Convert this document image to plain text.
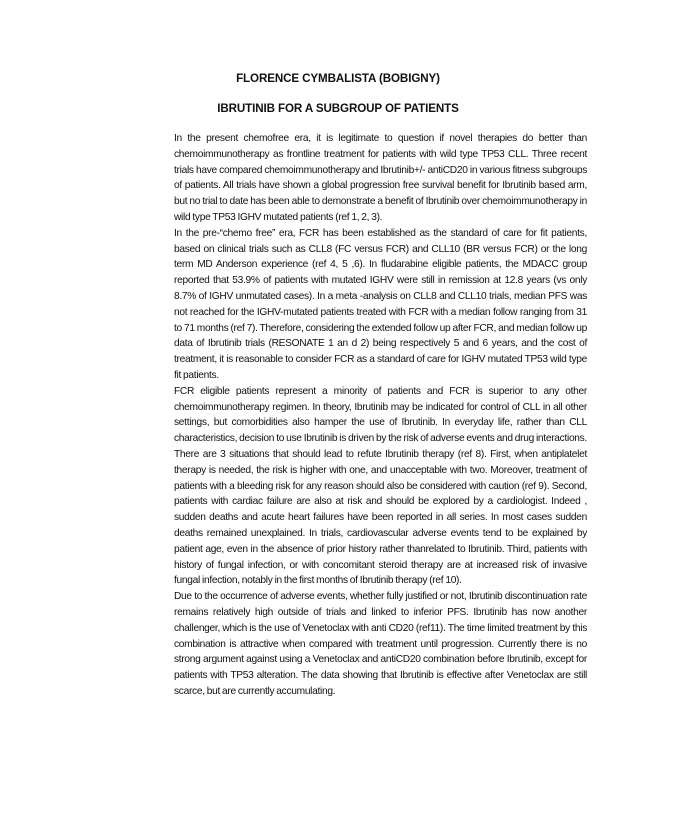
FLORENCE CYMBALISTA (BOBIGNY)
IBRUTINIB FOR A SUBGROUP OF PATIENTS

In the present chemofree era, it is legitimate to question if novel therapies do better than chemoimmunotherapy as frontline treatment for patients with wild type TP53 CLL. Three recent trials have compared chemoimmunotherapy and Ibrutinib+/- antiCD20 in various fitness subgroups of patients. All trials have shown a global progression free survival benefit for Ibrutinib based arm, but no trial to date has been able to demonstrate a benefit of Ibrutinib over chemoimmunotherapy in wild type TP53 IGHV mutated patients (ref 1, 2, 3).

In the pre-“chemo free” era, FCR has been established as the standard of care for fit patients, based on clinical trials such as CLL8 (FC versus FCR) and CLL10 (BR versus FCR) or the long term MD Anderson experience (ref 4, 5 ,6). In fludarabine eligible patients, the MDACC group reported that 53.9% of patients with mutated IGHV were still in remission at 12.8 years (vs only 8.7% of IGHV unmutated cases). In a meta -analysis on CLL8 and CLL10 trials, median PFS was not reached for the IGHV-mutated patients treated with FCR with a median follow ranging from 31 to 71 months (ref 7). Therefore, considering the extended follow up after FCR, and median follow up data of Ibrutinib trials (RESONATE 1 an d 2) being respectively 5 and 6 years, and the cost of treatment, it is reasonable to consider FCR as a standard of care for IGHV mutated TP53 wild type fit patients.

FCR eligible patients represent a minority of patients and FCR is superior to any other chemoimmunotherapy regimen. In theory, Ibrutinib may be indicated for control of CLL in all other settings, but comorbidities also hamper the use of Ibrutinib. In everyday life, rather than CLL characteristics, decision to use Ibrutinib is driven by the risk of adverse events and drug interactions. There are 3 situations that should lead to refute Ibrutinib therapy (ref 8). First, when antiplatelet therapy is needed, the risk is higher with one, and unacceptable with two. Moreover, treatment of patients with a bleeding risk for any reason should also be considered with caution (ref 9). Second, patients with cardiac failure are also at risk and should be explored by a cardiologist. Indeed , sudden deaths and acute heart failures have been reported in all series. In most cases sudden deaths remained unexplained. In trials, cardiovascular adverse events tend to be explained by patient age, even in the absence of prior history rather thanrelated to Ibrutinib. Third, patients with history of fungal infection, or with concomitant steroid therapy are at increased risk of invasive fungal infection, notably in the first months of Ibrutinib therapy (ref 10).

Due to the occurrence of adverse events, whether fully justified or not, Ibrutinib discontinuation rate remains relatively high outside of trials and linked to inferior PFS. Ibrutinib has now another challenger, which is the use of Venetoclax with anti CD20 (ref11). The time limited treatment by this combination is attractive when compared with treatment until progression. Currently there is no strong argument against using a Venetoclax and antiCD20 combination before Ibrutinib, except for patients with TP53 alteration. The data showing that Ibrutinib is effective after Venetoclax are still scarce, but are currently accumulating.
